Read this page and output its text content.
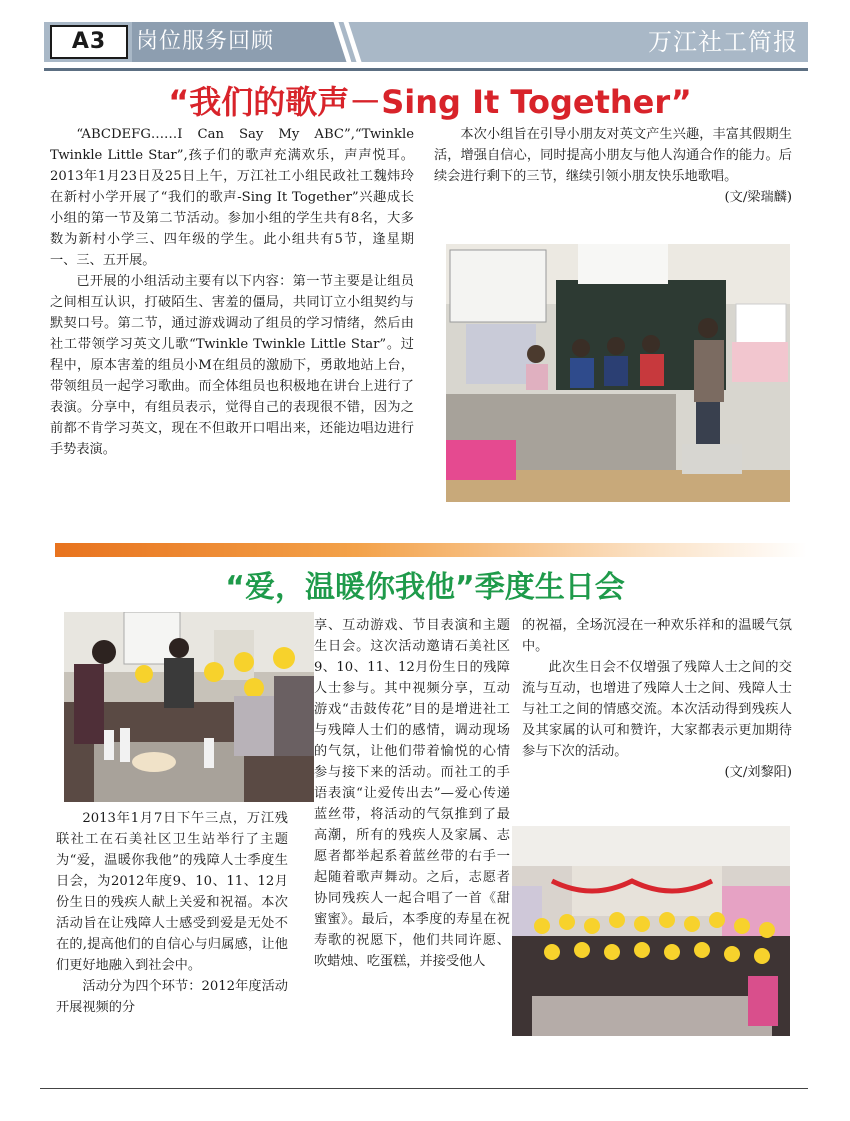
A3	岗位服务回顾	万江社工简报
“我们的歌声－Sing It Together”

“ABCDEFG……I Can Say My ABC”,“Twinkle Twinkle Little Star”,孩子们的歌声充满欢乐，声声悦耳。2013年1月23日及25日上午，万江社工小组民政社工魏炜玲在新村小学开展了“我们的歌声-Sing It Together”兴趣成长小组的第一节及第二节活动。参加小组的学生共有8名，大多数为新村小学三、四年级的学生。此小组共有5节，逢星期一、三、五开展。

已开展的小组活动主要有以下内容：第一节主要是让组员之间相互认识，打破陌生、害羞的僵局，共同订立小组契约与默契口号。第二节，通过游戏调动了组员的学习情绪，然后由社工带领学习英文儿歌“Twinkle Twinkle Little Star”。过程中，原本害羞的组员小M在组员的激励下，勇敢地站上台，带领组员一起学习歌曲。而全体组员也积极地在讲台上进行了表演。分享中，有组员表示，觉得自己的表现很不错，因为之前都不肯学习英文，现在不但敢开口唱出来，还能边唱边进行手势表演。

本次小组旨在引导小朋友对英文产生兴趣，丰富其假期生活，增强自信心，同时提高小朋友与他人沟通合作的能力。后续会进行剩下的三节，继续引领小朋友快乐地歌唱。

(文/梁瑞麟)

“爱，温暖你我他”季度生日会

2013年1月7日下午三点，万江残联社工在石美社区卫生站举行了主题为“爱，温暖你我他”的残障人士季度生日会，为2012年度9、10、11、12月份生日的残疾人献上关爱和祝福。本次活动旨在让残障人士感受到爱是无处不在的,提高他们的自信心与归属感，让他们更好地融入到社会中。

活动分为四个环节：2012年度活动开展视频的分

享、互动游戏、节目表演和主题生日会。这次活动邀请石美社区9、10、11、12月份生日的残障人士参与。其中视频分享，互动游戏“击鼓传花”目的是增进社工与残障人士们的感情，调动现场的气氛，让他们带着愉悦的心情参与接下来的活动。而社工的手语表演“让爱传出去”—爱心传递蓝丝带，将活动的气氛推到了最高潮，所有的残疾人及家属、志愿者都举起系着蓝丝带的右手一起随着歌声舞动。之后，志愿者协同残疾人一起合唱了一首《甜蜜蜜》。最后，本季度的寿星在祝寿歌的祝愿下，他们共同许愿、吹蜡烛、吃蛋糕，并接受他人

的祝福，全场沉浸在一种欢乐祥和的温暖气氛中。

此次生日会不仅增强了残障人士之间的交流与互动，也增进了残障人士之间、残障人士与社工之间的情感交流。本次活动得到残疾人及其家属的认可和赞许，大家都表示更加期待参与下次的活动。

(文/刘黎阳)
